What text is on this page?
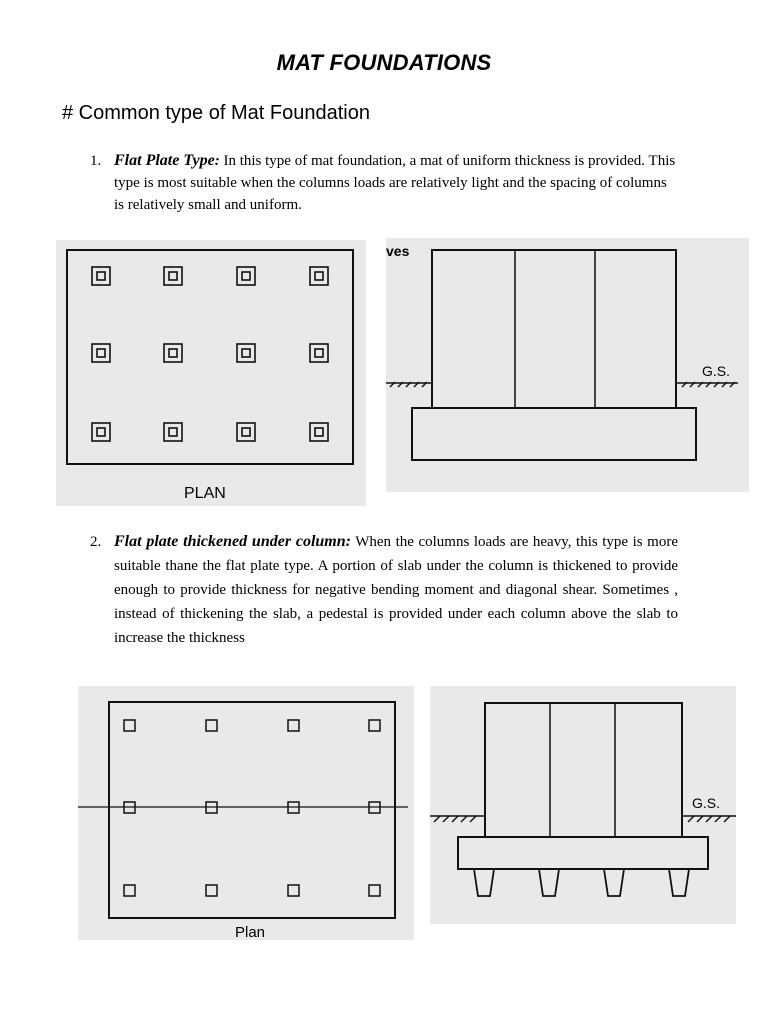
MAT FOUNDATIONS
# Common type of Mat Foundation
1. Flat Plate Type: In this type of mat foundation, a mat of uniform thickness is provided. This type is most suitable when the columns loads are relatively light and the spacing of columns is relatively small and uniform.
PLAN
ves
G.S.
2. Flat plate thickened under column: When the columns loads are heavy, this type is more suitable thane the flat plate type. A portion of slab under the column is thickened to provide enough to provide thickness for negative bending moment and diagonal shear. Sometimes , instead of thickening the slab, a pedestal is provided under each column above the slab to increase the thickness
Plan
G.S.
